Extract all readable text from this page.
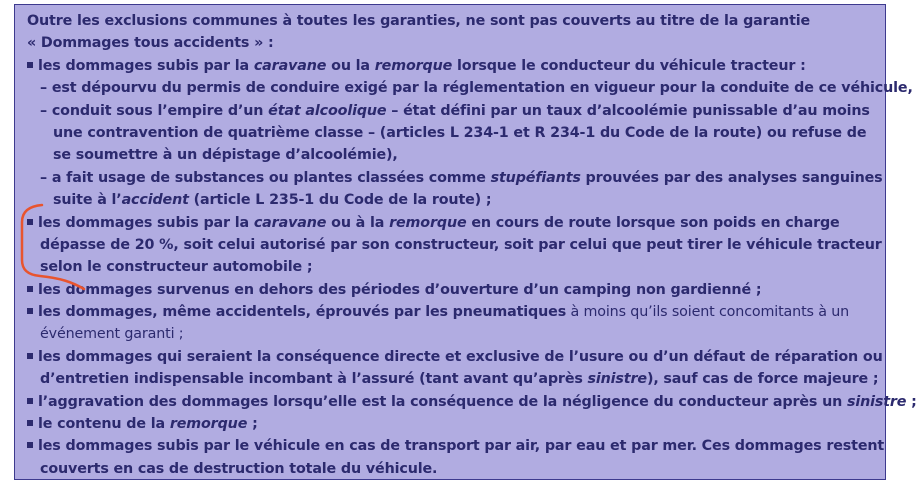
Outre les exclusions communes à toutes les garanties, ne sont pas couverts au titre de la garantie
« Dommages tous accidents » :
les dommages subis par la caravane ou la remorque lorsque le conducteur du véhicule tracteur :
– est dépourvu du permis de conduire exigé par la réglementation en vigueur pour la conduite de ce véhicule,
– conduit sous l’empire d’un état alcoolique – état défini par un taux d’alcoolémie punissable d’au moins
une contravention de quatrième classe – (articles L 234-1 et R 234-1 du Code de la route) ou refuse de
se soumettre à un dépistage d’alcoolémie),
– a fait usage de substances ou plantes classées comme stupéfiants prouvées par des analyses sanguines
suite à l’accident (article L 235-1 du Code de la route) ;
les dommages subis par la caravane ou à la remorque en cours de route lorsque son poids en charge
dépasse de 20 %, soit celui autorisé par son constructeur, soit par celui que peut tirer le véhicule tracteur
selon le constructeur automobile ;
les dommages survenus en dehors des périodes d’ouverture d’un camping non gardienné ;
les dommages, même accidentels, éprouvés par les pneumatiques à moins qu’ils soient concomitants à un
événement garanti ;
les dommages qui seraient la conséquence directe et exclusive de l’usure ou d’un défaut de réparation ou
d’entretien indispensable incombant à l’assuré (tant avant qu’après sinistre), sauf cas de force majeure ;
l’aggravation des dommages lorsqu’elle est la conséquence de la négligence du conducteur après un sinistre ;
le contenu de la remorque ;
les dommages subis par le véhicule en cas de transport par air, par eau et par mer. Ces dommages restent
couverts en cas de destruction totale du véhicule.
